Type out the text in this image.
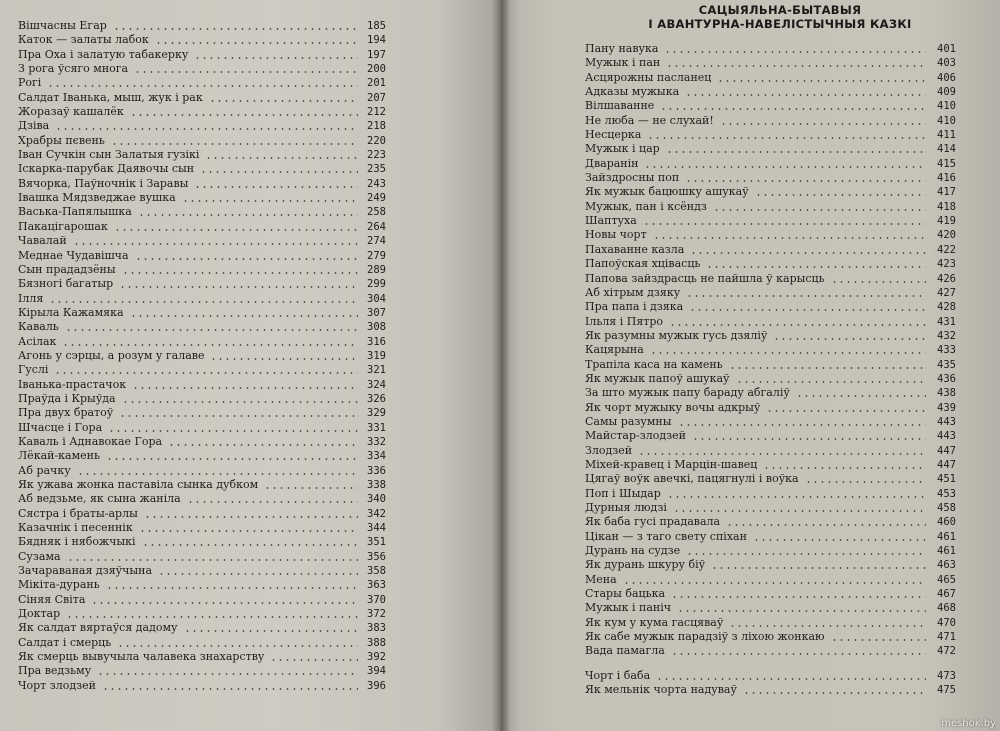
Вішчасны Егар	185
Каток — залаты лабок	194
Пра Оха і залатую табакерку	197
З рога ўсяго многа	200
Рогі	201
Салдат Іванька, мыш, жук і рак	207
Жоразаў кашалёк	212
Дзіва	218
Храбры пєвень	220
Іван Сучкін сын Залатыя гузікі	223
Іскарка-парубак Даявочы сын	235
Вячорка, Паўночнік і Заравы	243
Івашка Мядзведжае вушка	249
Васька-Папялышка	258
Пакацігарошак	264
Чавалай	274
Меднае Чудавішча	279
Сын прададзёны	289
Бязногі багатыр	299
Ілля	304
Кірыла Кажамяка	307
Каваль	308
Асілак	316
Агонь у сэрцы, а розум у галаве	319
Гуслі	321
Іванька-прастачок	324
Праўда і Крыўда	326
Пра двух братоў	329
Шчасце і Гора	331
Каваль і Аднавокае Гора	332
Лёкай-камень	334
Аб рачку	336
Як ужава жонка паставіла сынка дубком	338
Аб ведзьме, як сына жаніла	340
Сястра і браты-арлы	342
Казачнік і песеннік	344
Бядняк і нябожчыкі	351
Сузама	356
Зачараваная дзяўчына	358
Мікіта-дурань	363
Сіняя Світа	370
Доктар	372
Як салдат вяртаўся дадому	383
Салдат і смерць	388
Як смерць вывучыла чалавека знахарству	392
Пра ведзьму	394
Чорт злодзей	396
САЦЫЯЛЬНА-БЫТАВЫЯ
І АВАНТУРНА-НАВЕЛІСТЫЧНЫЯ КАЗКІ
Пану навука	401
Мужык і пан	403
Асцярожны пасланец	406
Адказы мужыка	409
Вілшаванне	410
Не люба — не слухай!	410
Несцерка	411
Мужык і цар	414
Дваранін	415
Зайздросны поп	416
Як мужык бацюшку ашукаў	417
Мужык, пан і ксёндз	418
Шаптуха	419
Новы чорт	420
Пахаванне казла	422
Папоўская хцівасць	423
Папова зайздрасць не пайшла ў карысць	426
Аб хітрым дзяку	427
Пра папа і дзяка	428
Ільля і Пятро	431
Як разумны мужык гусь дзяліў	432
Кацярына	433
Трапіла каса на камень	435
Як мужык папоў ашукаў	436
За што мужык папу бараду абгаліў	438
Як чорт мужыку вочы адкрыў	439
Самы разумны	443
Майстар-злодзей	443
Злодзей	447
Міхей-кравец і Марцін-шавец	447
Цягаў воўк авечкі, пацягнулі і воўка	451
Поп і Шыдар	453
Дурныя людзі	458
Як баба гусі прадавала	460
Цікан — з таго свету спіхан	461
Дурань на судзе	461
Як дурань шкуру біў	463
Мена	465
Стары бацька	467
Мужык і паніч	468
Як кум у кума гасцяваў	470
Як сабе мужык парадзіў з ліхою жонкаю	471
Вада памагла	472
Чорт і баба	473
Як мельнік чорта надуваў	475
meshok.by
